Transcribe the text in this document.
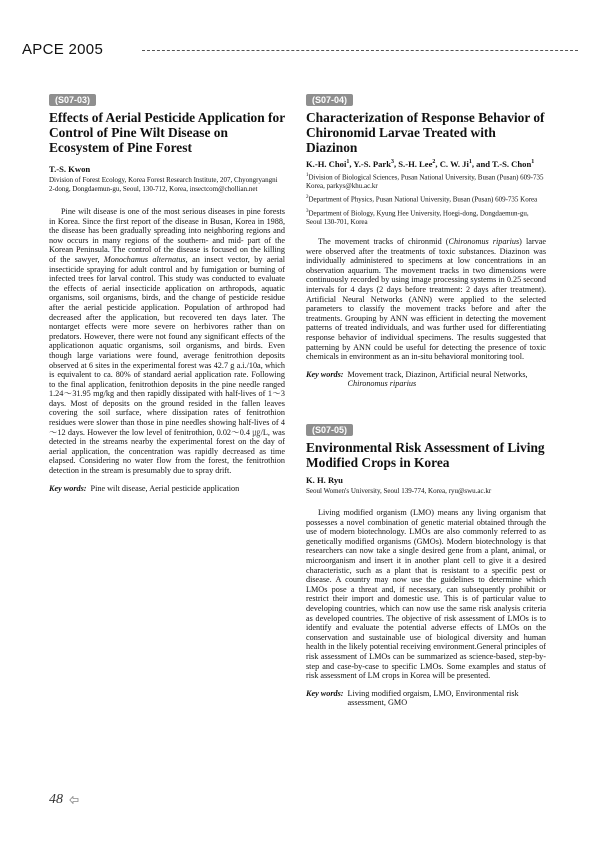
APCE 2005
(S07-03)
Effects of Aerial Pesticide Application for Control of Pine Wilt Disease on Ecosystem of Pine Forest
T.-S. Kwon
Division of Forest Ecology, Korea Forest Research Institute, 207, Chyongryangni 2-dong, Dongdaemun-gu, Seoul, 130-712, Korea, insectcom@chollian.net
Pine wilt disease is one of the most serious diseases in pine forests in Korea. Since the first report of the disease in Busan, Korea in 1988, the disease has been gradually spreading into neighboring regions and now occurs in many regions of the southern- and mid- part of the Korean Peninsula. The control of the disease is focused on the killing of the sawyer, Monochamus alternatus, an insect vector, by aerial insecticide spraying for adult control and by fumigation or burning of infected trees for larval control. This study was conducted to evaluate the effects of aerial insecticide application on arthropods, aquatic organisms, soil organisms, birds, and the change of pesticide residue after the aerial pesticide application. Population of arthropod had decreased after the application, but recovered ten days later. The nontarget effects were more severe on herbivores rather than on predators. However, there were not found any significant effects of the applicationon aquatic organisms, soil organisms, and birds. Even though large variations were found, average fenitrothion deposits observed at 6 sites in the experimental forest was 42.7 g a.i./10a, which is equivalent to ca. 80% of standard aerial application rate. Following to the final application, fenitrothion deposits in the pine needle ranged 1.24～31.95 mg/kg and then rapidly dissipated with half-lives of 1～3 days. Most of deposits on the ground resided in the fallen leaves covering the soil surface, where dissipation rates of fenitrothion residues were slower than those in pine needles showing half-lives of 4～12 days. However the low level of fenitrothion, 0.02～0.4 ㎍/L, was detected in the streams nearby the experimental forest on the day of aerial application, the concentration was rapidly decreased as time elapsed. Considering no water flow from the forest, the fenitrothion detection in the stream is presumably due to spray drift.
Key words: Pine wilt disease, Aerial pesticide application
(S07-04)
Characterization of Response Behavior of Chironomid Larvae Treated with Diazinon
K.-H. Choi$^1$, Y.-S. Park$^3$, S.-H. Lee$^2$, C. W. Ji$^1$, and T.-S. Chon$^1$
$^1$Division of Biological Sciences, Pusan National University, Busan (Pusan) 609-735 Korea, parkys@khu.ac.kr
$^2$Department of Physics, Pusan National University, Busan (Pusan) 609-735 Korea
$^3$Department of Biology, Kyung Hee University, Hoegi-dong, Dongdaemun-gu, Seoul 130-701, Korea
The movement tracks of chironmid (Chironomus riparius) larvae were observed after the treatments of toxic substances. Diazinon was individually administered to specimens at low concentrations in an observation aquarium. The movement tracks in two dimensions were continuously recorded by using image processing systems in 0.25 second intervals for 4 days (2 days before treatment: 2 days after treatment). Artificial Neural Networks (ANN) were applied to the selected parameters to classify the movement tracks before and after the treatments. Grouping by ANN was efficient in detecting the movement patterns of treated individuals, and was further used for differentiating response behavior of individual specimens. The results suggested that patterning by ANN could be useful for detecting the presence of toxic chemicals in environment as an in-situ behavioral monitoring tool.
Key words: Movement track, Diazinon, Artificial neural Networks, Chironomus riparius
(S07-05)
Environmental Risk Assessment of Living Modified Crops in Korea
K. H. Ryu
Seoul Women's University, Seoul 139-774, Korea, ryu@swu.ac.kr
Living modified organism (LMO) means any living organism that possesses a novel combination of genetic material obtained through the use of modern biotechnology. LMOs are also commonly referred to as genetically modified organisms (GMOs). Modern biotechnology is that researchers can now take a single desired gene from a plant, animal, or microorganism and insert it in another plant cell to give it a desired characteristic, such as a plant that is resistant to a specific pest or disease. A country may now use the guidelines to determine which LMOs pose a threat and, if necessary, can subsequently prohibit or restrict their import and domestic use. This is of particular value to developing countries, which can now use the same risk analysis criteria as developed countries. The objective of risk assessment of LMOs is to identify and evaluate the potential adverse effects of LMOs on the conservation and sustainable use of biological diversity and human health in the likely potential receiving environment.General principles of risk assessment of LMOs can be summarized as science-based, step-by-step and case-by-case to specific LMOs. Some examples and status of risk assessment of LM crops in Korea will be presented.
Key words: Living modified orgaism, LMO, Environmental risk assessment, GMO
48
